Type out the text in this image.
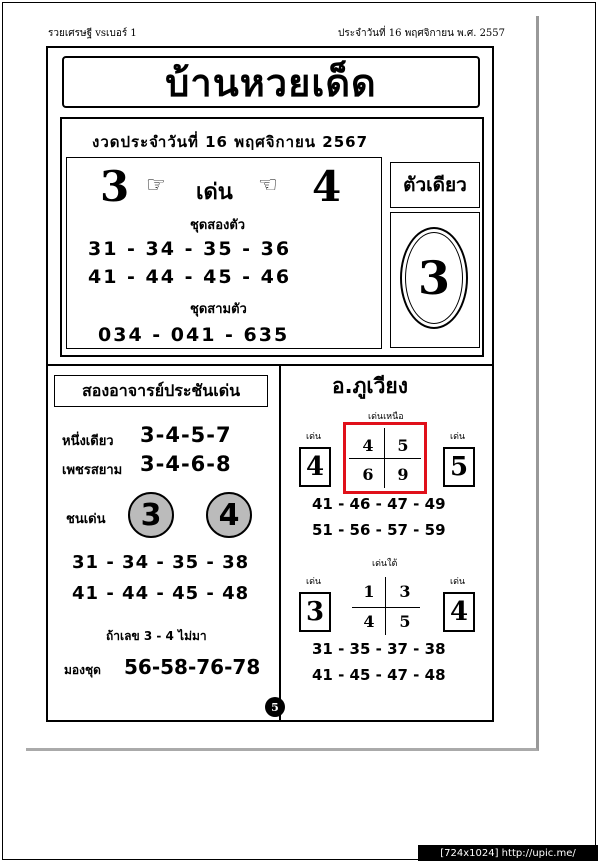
รวยเศรษฐี vsเบอร์ 1	ประจำวันที่ 16 พฤศจิกายน พ.ศ. 2557
บ้านหวยเด็ด
งวดประจำวันที่ 16 พฤศจิกายน 2567
3 ☞ เด่น ☜ 4
ชุดสองตัว
31 - 34 - 35 - 36
41 - 44 - 45 - 46
ชุดสามตัว
034 - 041 - 635
ตัวเดียว
3
สองอาจารย์ประชันเด่น
หนึ่งเดียว 3-4-5-7
เพชรสยาม 3-4-6-8
ชนเด่น	3	4
31 - 34 - 35 - 38
41 - 44 - 45 - 48
ถ้าเลข 3 - 4 ไม่มา
มองชุด 56-58-76-78
อ.ภูเวียง
เด่นเหนือ
เด่น	เด่น
4	5
4	5
6	9
41 - 46 - 47 - 49
51 - 56 - 57 - 59
เด่นใต้
เด่น	เด่น
3	4
1	3
4	5
31 - 35 - 37 - 38
41 - 45 - 47 - 48
5
[724x1024] http://upic.me/
